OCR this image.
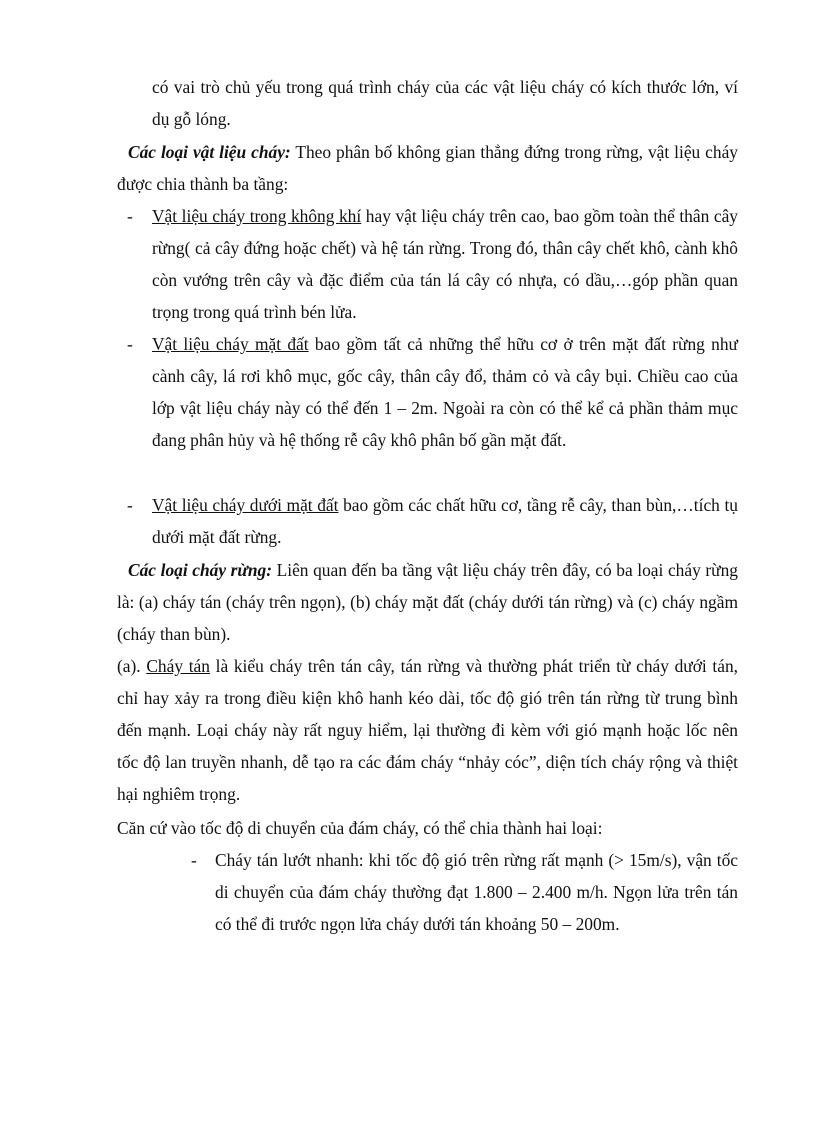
có vai trò chủ yếu trong quá trình cháy của các vật liệu cháy có kích thước lớn, ví dụ gỗ lóng.

Các loại vật liệu cháy: Theo phân bố không gian thẳng đứng trong rừng, vật liệu cháy được chia thành ba tầng:

- Vật liệu cháy trong không khí hay vật liệu cháy trên cao, bao gồm toàn thể thân cây rừng( cả cây đứng hoặc chết) và hệ tán rừng. Trong đó, thân cây chết khô, cành khô còn vướng trên cây và đặc điểm của tán lá cây có nhựa, có dầu,…góp phần quan trọng trong quá trình bén lửa.

- Vật liệu cháy mặt đất bao gồm tất cả những thể hữu cơ ở trên mặt đất rừng như cành cây, lá rơi khô mục, gốc cây, thân cây đổ, thảm cỏ và cây bụi. Chiều cao của lớp vật liệu cháy này có thể đến 1 – 2m. Ngoài ra còn có thể kể cả phần thảm mục đang phân hủy và hệ thống rễ cây khô phân bố gần mặt đất.

- Vật liệu cháy dưới mặt đất bao gồm các chất hữu cơ, tầng rễ cây, than bùn,…tích tụ dưới mặt đất rừng.

Các loại cháy rừng: Liên quan đến ba tầng vật liệu cháy trên đây, có ba loại cháy rừng là: (a) cháy tán (cháy trên ngọn), (b) cháy mặt đất (cháy dưới tán rừng) và (c) cháy ngầm (cháy than bùn).

(a). Cháy tán là kiểu cháy trên tán cây, tán rừng và thường phát triển từ cháy dưới tán, chỉ hay xảy ra trong điều kiện khô hanh kéo dài, tốc độ gió trên tán rừng từ trung bình đến mạnh. Loại cháy này rất nguy hiểm, lại thường đi kèm với gió mạnh hoặc lốc nên tốc độ lan truyền nhanh, dễ tạo ra các đám cháy “nhảy cóc”, diện tích cháy rộng và thiệt hại nghiêm trọng.

Căn cứ vào tốc độ di chuyển của đám cháy, có thể chia thành hai loại:

- Cháy tán lướt nhanh: khi tốc độ gió trên rừng rất mạnh (> 15m/s), vận tốc di chuyển của đám cháy thường đạt 1.800 – 2.400 m/h. Ngọn lửa trên tán có thể đi trước ngọn lửa cháy dưới tán khoảng 50 – 200m.
